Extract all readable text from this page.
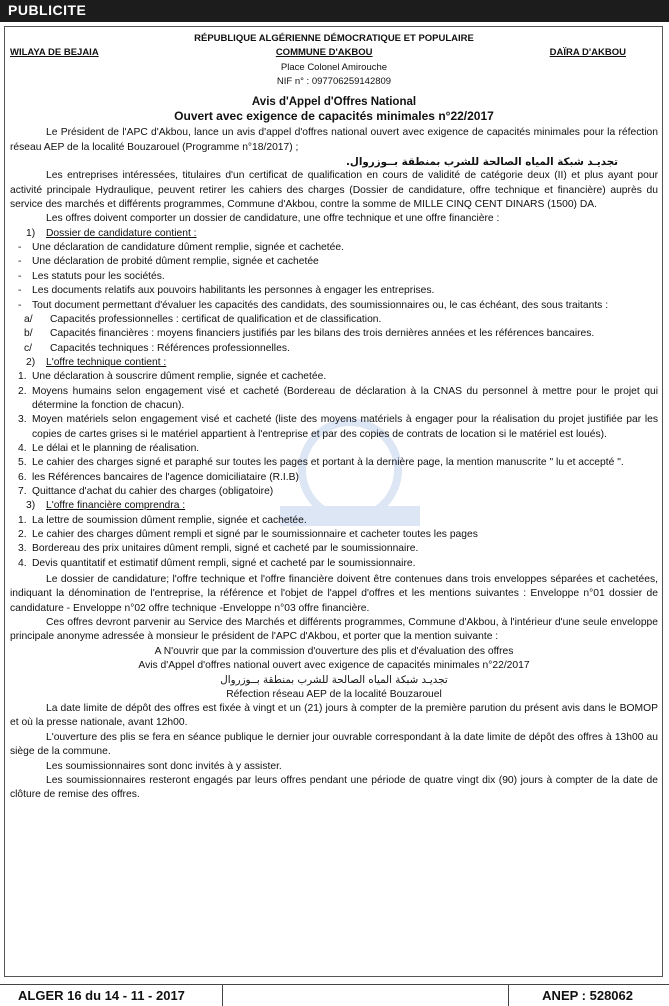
PUBLICITE
RÉPUBLIQUE ALGÉRIENNE DÉMOCRATIQUE ET POPULAIRE
WILAYA DE BEJAIA	COMMUNE D'AKBOU	DAÏRA D'AKBOU
Place Colonel Amirouche
NIF n° : 097706259142809
Avis d'Appel d'Offres National
Ouvert avec exigence de capacités minimales n°22/2017
Le Président de l'APC d'Akbou, lance un avis d'appel d'offres national ouvert avec exigence de capacités minimales pour la réfection réseau AEP de la localité Bouzarouel (Programme n°18/2017) ;
تجديـد شبكة المياه الصالحة للشرب بمنطقة بــوزروال.
Les entreprises intéressées, titulaires d'un certificat de qualification en cours de validité de catégorie deux (II) et plus ayant pour activité principale Hydraulique, peuvent retirer les cahiers des charges (Dossier de candidature, offre technique et financière) auprès du service des marchés et différents programmes, Commune d'Akbou, contre la somme de MILLE CINQ CENT DINARS (1500) DA.
Les offres doivent comporter un dossier de candidature, une offre technique et une offre financière :
1)	Dossier de candidature contient :
-	Une déclaration de candidature dûment remplie, signée et cachetée.
-	Une déclaration de probité dûment remplie, signée et cachetée
-	Les statuts pour les sociétés.
-	Les documents relatifs aux pouvoirs habilitants les personnes à engager les entreprises.
-	Tout document permettant d'évaluer les capacités des candidats, des soumissionnaires ou, le cas échéant, des sous traitants :
a/	Capacités professionnelles : certificat de qualification et de classification.
b/	Capacités financières : moyens financiers justifiés par les bilans des trois dernières années et les références bancaires.
c/	Capacités techniques : Références professionnelles.
2)	L'offre technique contient :
1. Une déclaration à souscrire dûment remplie, signée et cachetée.
2. Moyens humains selon engagement visé et cacheté (Bordereau de déclaration à la CNAS du personnel à mettre pour le projet qui détermine la fonction de chacun).
3. Moyen matériels selon engagement visé et cacheté (liste des moyens matériels à engager pour la réalisation du projet justifiée par les copies de cartes grises si le matériel appartient à l'entreprise et par des copies de contrats de location si le matériel est loués).
4. Le délai et le planning de réalisation.
5. Le cahier des charges signé et paraphé sur toutes les pages et portant à la dernière page, la mention manuscrite " lu et accepté ".
6. les Références bancaires de l'agence domiciliataire (R.I.B)
7. Quittance d'achat du cahier des charges (obligatoire)
3)	L'offre financière comprendra :
1. La lettre de soumission dûment remplie, signée et cachetée.
2. Le cahier des charges dûment rempli et signé par le soumissionnaire et cacheter toutes les pages
3. Bordereau des prix unitaires dûment rempli, signé et cacheté par le soumissionnaire.
4. Devis quantitatif et estimatif dûment rempli, signé et cacheté par le soumissionnaire.
Le dossier de candidature; l'offre technique et l'offre financière doivent être contenues dans trois enveloppes séparées et cachetées, indiquant la dénomination de l'entreprise, la référence et l'objet de l'appel d'offres et les mentions suivantes : Enveloppe n°01 dossier de candidature - Enveloppe n°02 offre technique -Enveloppe n°03 offre financière.
Ces offres devront parvenir au Service des Marchés et différents programmes, Commune d'Akbou, à l'intérieur d'une seule enveloppe principale anonyme adressée à monsieur le président de l'APC d'Akbou, et porter que la mention suivante :
A N'ouvrir que par la commission d'ouverture des plis et d'évaluation des offres
Avis d'Appel d'offres national ouvert avec exigence de capacités minimales n°22/2017
تجديـد شبكة المياه الصالحة للشرب بمنطقة بــوزروال
Réfection réseau AEP de la localité Bouzarouel
La date limite de dépôt des offres est fixée à vingt et un (21) jours à compter de la première parution du présent avis dans le BOMOP et où la presse nationale, avant 12h00.
L'ouverture des plis se fera en séance publique le dernier jour ouvrable correspondant à la date limite de dépôt des offres à 13h00 au siège de la commune.
Les soumissionnaires sont donc invités à y assister.
Les soumissionnaires resteront engagés par leurs offres pendant une période de quatre vingt dix (90) jours à compter de la date de clôture de remise des offres.
ALGER 16 du 14 - 11 - 2017	ANEP : 528062
